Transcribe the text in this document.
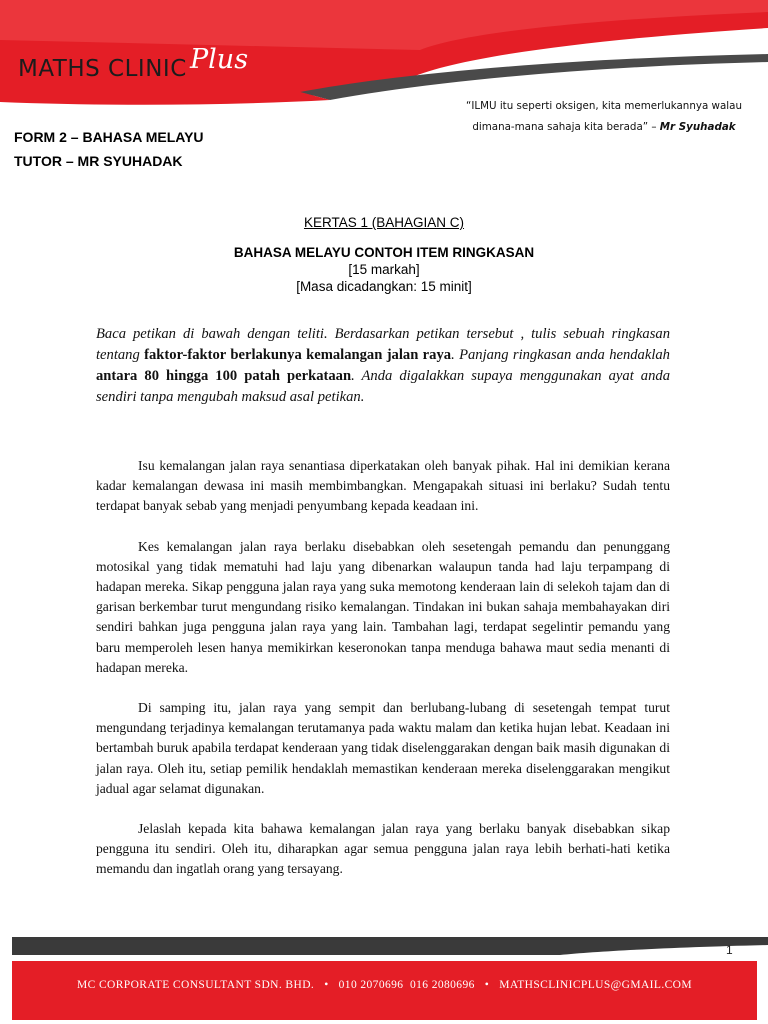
MATHS CLINIC Plus
“ILMU itu seperti oksigen, kita memerlukannya walau dimana-mana sahaja kita berada” – Mr Syuhadak
FORM 2 – BAHASA MELAYU
TUTOR – MR SYUHADAK
KERTAS 1 (BAHAGIAN C)
BAHASA MELAYU CONTOH ITEM RINGKASAN
[15 markah]
[Masa dicadangkan: 15 minit]
Baca petikan di bawah dengan teliti. Berdasarkan petikan tersebut , tulis sebuah ringkasan tentang faktor-faktor berlakunya kemalangan jalan raya. Panjang ringkasan anda hendaklah antara 80 hingga 100 patah perkataan. Anda digalakkan supaya menggunakan ayat anda sendiri tanpa mengubah maksud asal petikan.

Isu kemalangan jalan raya senantiasa diperkatakan oleh banyak pihak. Hal ini demikian kerana kadar kemalangan dewasa ini masih membimbangkan. Mengapakah situasi ini berlaku? Sudah tentu terdapat banyak sebab yang menjadi penyumbang kepada keadaan ini.

Kes kemalangan jalan raya berlaku disebabkan oleh sesetengah pemandu dan penunggang motosikal yang tidak mematuhi had laju yang dibenarkan walaupun tanda had laju terpampang di hadapan mereka. Sikap pengguna jalan raya yang suka memotong kenderaan lain di selekoh tajam dan di garisan berkembar turut mengundang risiko kemalangan. Tindakan ini bukan sahaja membahayakan diri sendiri bahkan juga pengguna jalan raya yang lain. Tambahan lagi, terdapat segelintir pemandu yang baru memperoleh lesen hanya memikirkan keseronokan tanpa menduga bahawa maut sedia menanti di hadapan mereka.

Di samping itu, jalan raya yang sempit dan berlubang-lubang di sesetengah tempat turut mengundang terjadinya kemalangan terutamanya pada waktu malam dan ketika hujan lebat. Keadaan ini bertambah buruk apabila terdapat kenderaan yang tidak diselenggarakan dengan baik masih digunakan di jalan raya. Oleh itu, setiap pemilik hendaklah memastikan kenderaan mereka diselenggarakan mengikut jadual agar selamat digunakan.

Jelaslah kepada kita bahawa kemalangan jalan raya yang berlaku banyak disebabkan sikap pengguna itu sendiri. Oleh itu, diharapkan agar semua pengguna jalan raya lebih berhati-hati ketika memandu dan ingatlah orang yang tersayang.

1
MC CORPORATE CONSULTANT SDN. BHD. • 010 2070696 016 2080696 • MATHSCLINICPLUS@GMAIL.COM
